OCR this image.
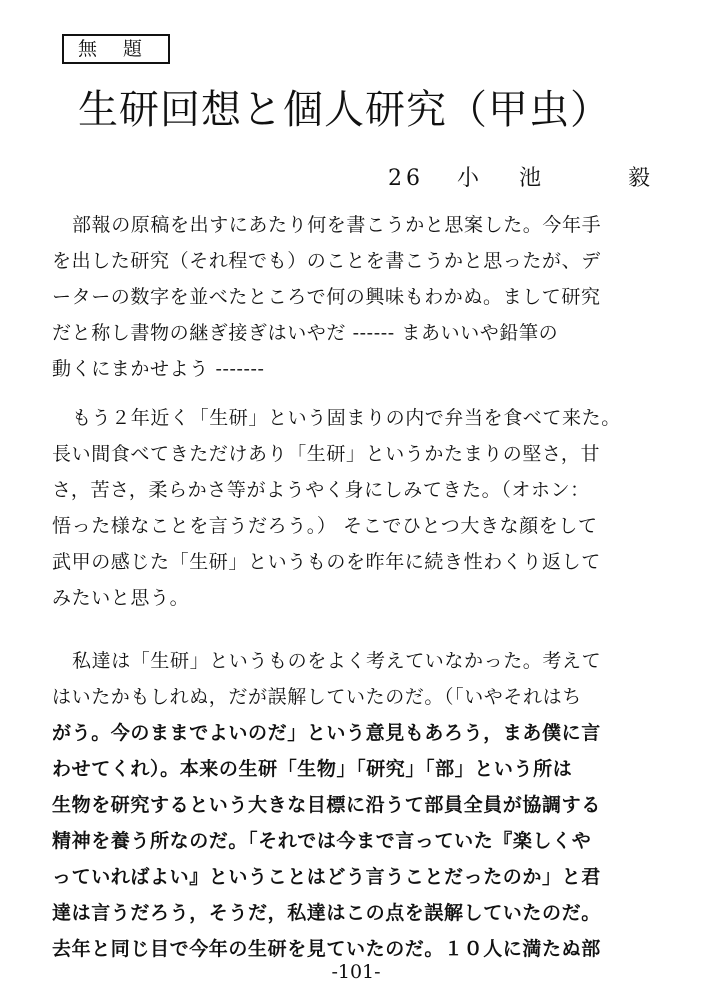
無題
生研回想と個人研究（甲虫）
26 小池 毅
部報の原稿を出すにあたり何を書こうかと思案した。今年手
を出した研究（それ程でも）のことを書こうかと思ったが、デ
ーターの数字を並べたところで何の興味もわかぬ。まして研究
だと称し書物の継ぎ接ぎはいやだ ------ まあいいや鉛筆の
動くにまかせよう -------
もう２年近く「生研」という固まりの内で弁当を食べて来た。
長い間食べてきただけあり「生研」というかたまりの堅さ，甘
さ，苦さ，柔らかさ等がようやく身にしみてきた。（オホン：
悟った様なことを言うだろう。） そこでひとつ大きな顔をして
武甲の感じた「生研」というものを昨年に続き性わくり返して
みたいと思う。
私達は「生研」というものをよく考えていなかった。考えて
はいたかもしれぬ，だが誤解していたのだ。（「いやそれはち
がう。今のままでよいのだ」という意見もあろう，まあ僕に言
わせてくれ）。本来の生研「生物」「研究」「部」という所は
生物を研究するという大きな目標に沿うて部員全員が協調する
精神を養う所なのだ。「それでは今まで言っていた『楽しくや
っていればよい』ということはどう言うことだったのか」と君
達は言うだろう，そうだ，私達はこの点を誤解していたのだ。
去年と同じ目で今年の生研を見ていたのだ。１０人に満たぬ部
-101-
